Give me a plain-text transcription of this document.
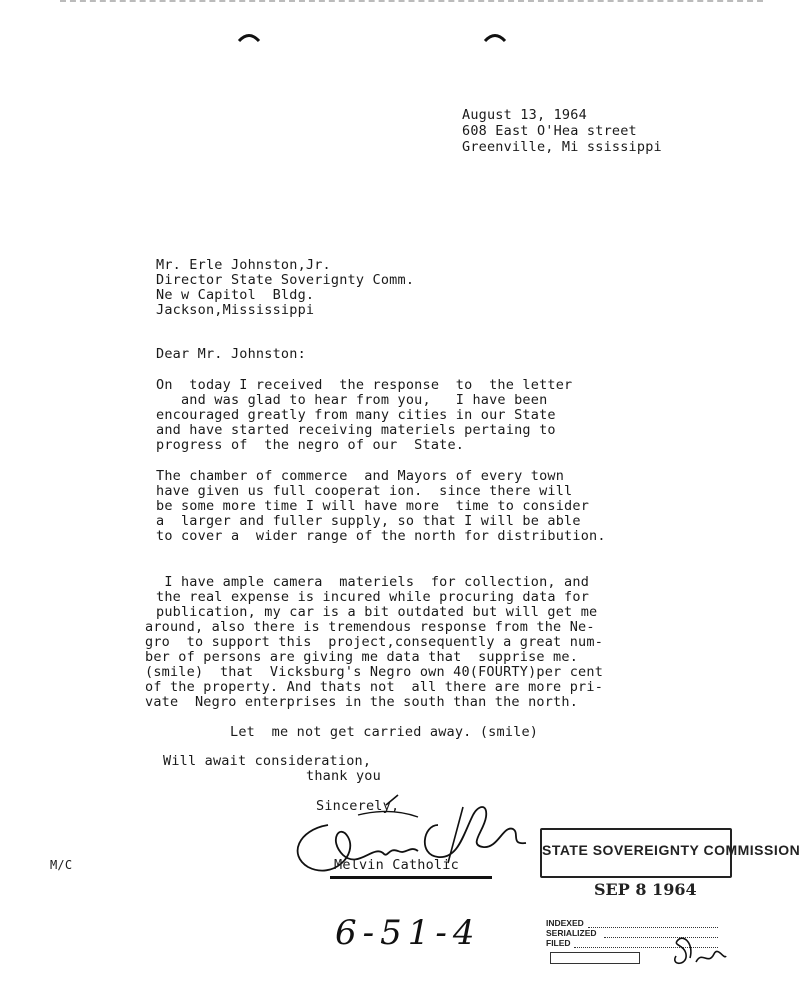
August 13, 1964
608 East O'Hea street
Greenville, Mi ssissippi
Mr. Erle Johnston,Jr.
Director State Soverignty Comm.
Ne w Capitol  Bldg.
Jackson,Mississippi
Dear Mr. Johnston:
On  today I received  the response  to  the letter
and was glad to hear from you,   I have been
encouraged greatly from many cities in our State
and have started receiving materiels pertaing to
progress of  the negro of our  State.
The chamber of commerce  and Mayors of every town
have given us full cooperat ion.  since there will
be some more time I will have more  time to consider
a  larger and fuller supply, so that I will be able
to cover a  wider range of the north for distribution.
I have ample camera  materiels  for collection, and
the real expense is incured while procuring data for
publication, my car is a bit outdated but will get me
around, also there is tremendous response from the Ne-
gro  to support this  project,consequently a great num-
ber of persons are giving me data that  supprise me.
(smile)  that  Vicksburg's Negro own 40(FOURTY)per cent
of the property. And thats not  all there are more pri-
vate  Negro enterprises in the south than the north.
Let  me not get carried away. (smile)
Will await consideration,
thank you
Sincerely,
Melvin Catholic
M/C
6-51-4
STATE SOVEREIGNTY COMMISSION
SEP 8 1964
INDEXED
SERIALIZED
FILED
